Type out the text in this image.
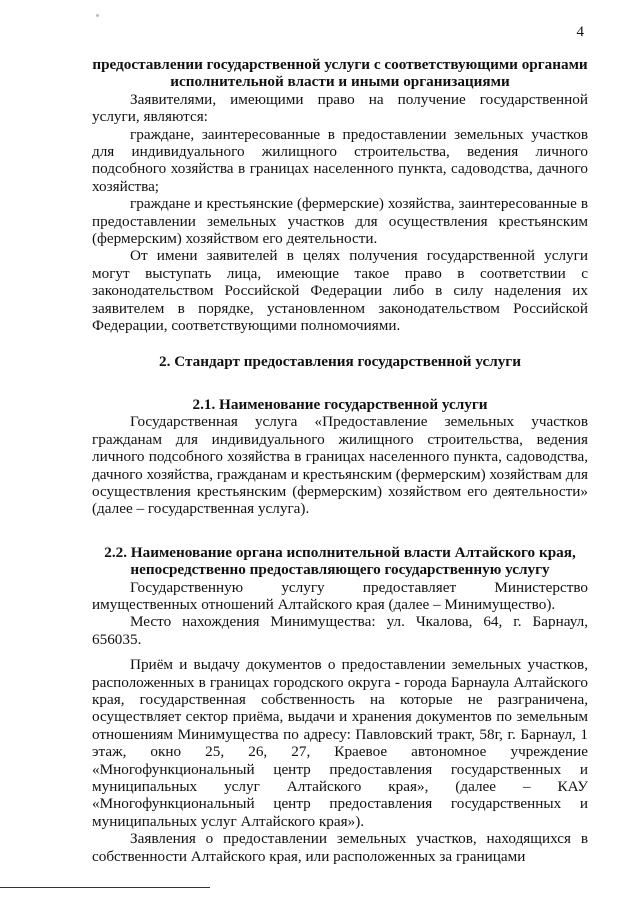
4

предоставлении государственной услуги с соответствующими органами исполнительной власти и иными организациями

Заявителями, имеющими право на получение государственной услуги, являются:

граждане, заинтересованные в предоставлении земельных участков для индивидуального жилищного строительства, ведения личного подсобного хозяйства в границах населенного пункта, садоводства, дачного хозяйства;

граждане и крестьянские (фермерские) хозяйства, заинтересованные в предоставлении земельных участков для осуществления крестьянским (фермерским) хозяйством его деятельности.

От имени заявителей в целях получения государственной услуги могут выступать лица, имеющие такое право в соответствии с законодательством Российской Федерации либо в силу наделения их заявителем в порядке, установленном законодательством Российской Федерации, соответствующими полномочиями.

2. Стандарт предоставления государственной услуги

2.1. Наименование государственной услуги

Государственная услуга «Предоставление земельных участков гражданам для индивидуального жилищного строительства, ведения личного подсобного хозяйства в границах населенного пункта, садоводства, дачного хозяйства, гражданам и крестьянским (фермерским) хозяйствам для осуществления крестьянским (фермерским) хозяйством его деятельности» (далее – государственная услуга).

2.2. Наименование органа исполнительной власти Алтайского края, непосредственно предоставляющего государственную услугу

Государственную услугу предоставляет Министерство имущественных отношений Алтайского края (далее – Минимущество).

Место нахождения Минимущества: ул. Чкалова, 64, г. Барнаул, 656035.

Приём и выдачу документов о предоставлении земельных участков, расположенных в границах городского округа - города Барнаула Алтайского края, государственная собственность на которые не разграничена, осуществляет сектор приёма, выдачи и хранения документов по земельным отношениям Минимущества по адресу: Павловский тракт, 58г, г. Барнаул, 1 этаж, окно 25, 26, 27, Краевое автономное учреждение «Многофункциональный центр предоставления государственных и муниципальных услуг Алтайского края», (далее – КАУ «Многофункциональный центр предоставления государственных и муниципальных услуг Алтайского края»).

Заявления о предоставлении земельных участков, находящихся в собственности Алтайского края, или расположенных за границами
